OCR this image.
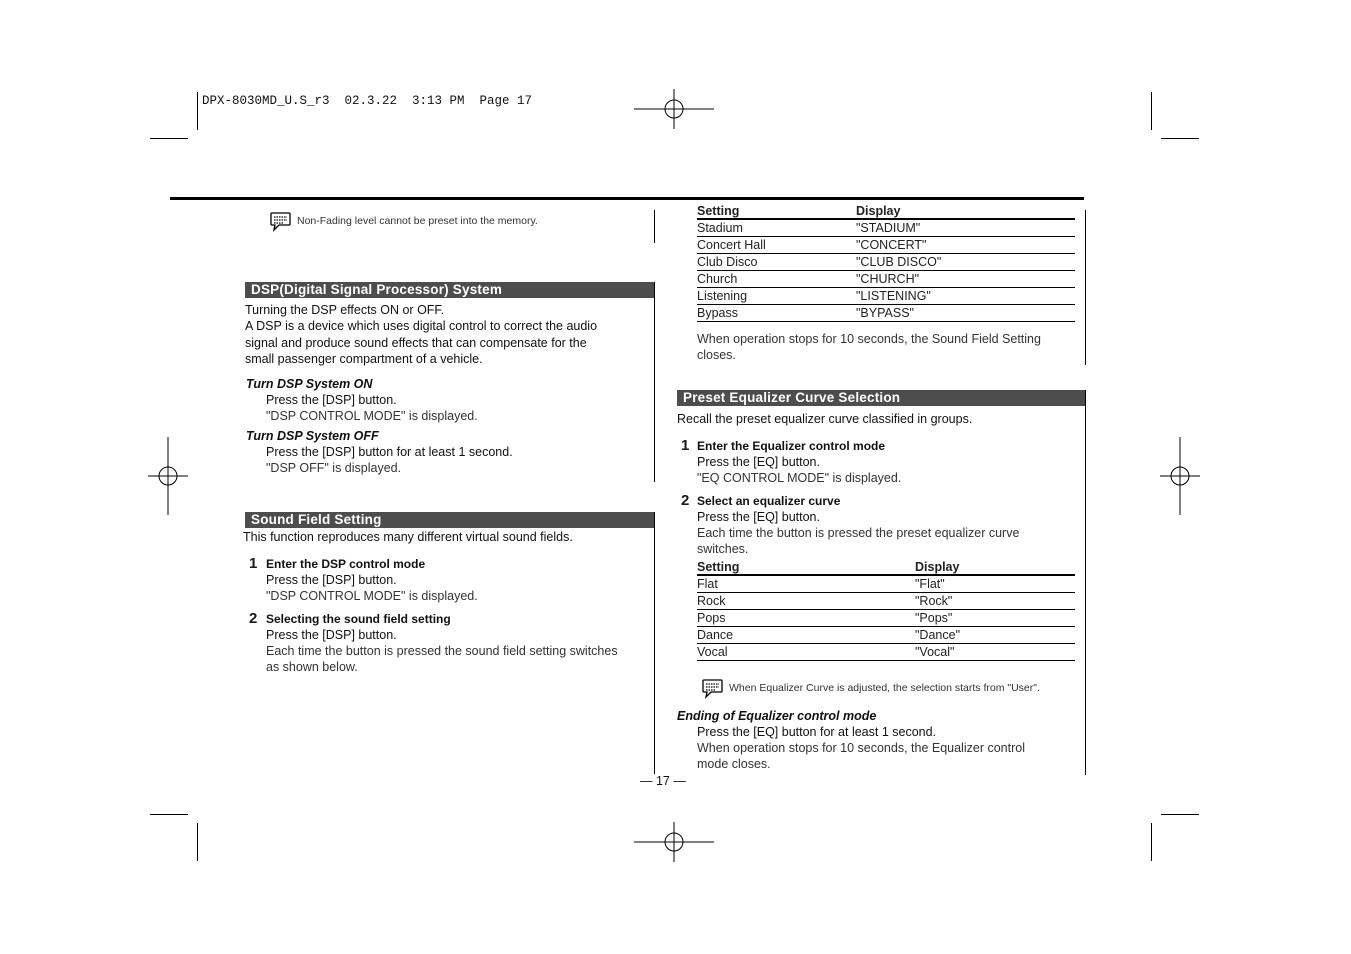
DPX-8030MD_U.S_r3  02.3.22  3:13 PM  Page 17
Non-Fading level cannot be preset into the memory.
DSP(Digital Signal Processor) System
Turning the DSP effects ON or OFF.
A DSP is a device which uses digital control to correct the audio
signal and produce sound effects that can compensate for the
small passenger compartment of a vehicle.
Turn DSP System ON
Press the [DSP] button.
"DSP CONTROL MODE" is displayed.
Turn DSP System OFF
Press the [DSP] button for at least 1 second.
"DSP OFF" is displayed.
Sound Field Setting
This function reproduces many different virtual sound fields.
1 Enter the DSP control mode
Press the [DSP] button.
"DSP CONTROL MODE" is displayed.
2 Selecting the sound field setting
Press the [DSP] button.
Each time the button is pressed the sound field setting switches
as shown below.
Setting	Display
Stadium	"STADIUM"
Concert Hall	"CONCERT"
Club Disco	"CLUB DISCO"
Church	"CHURCH"
Listening	"LISTENING"
Bypass	"BYPASS"
When operation stops for 10 seconds, the Sound Field Setting
closes.
Preset Equalizer Curve Selection
Recall the preset equalizer curve classified in groups.
1 Enter the Equalizer control mode
Press the [EQ] button.
"EQ CONTROL MODE" is displayed.
2 Select an equalizer curve
Press the [EQ] button.
Each time the button is pressed the preset equalizer curve
switches.
Setting	Display
Flat	"Flat"
Rock	"Rock"
Pops	"Pops"
Dance	"Dance"
Vocal	"Vocal"
When Equalizer Curve is adjusted, the selection starts from "User".
Ending of Equalizer control mode
Press the [EQ] button for at least 1 second.
When operation stops for 10 seconds, the Equalizer control
mode closes.
— 17 —
